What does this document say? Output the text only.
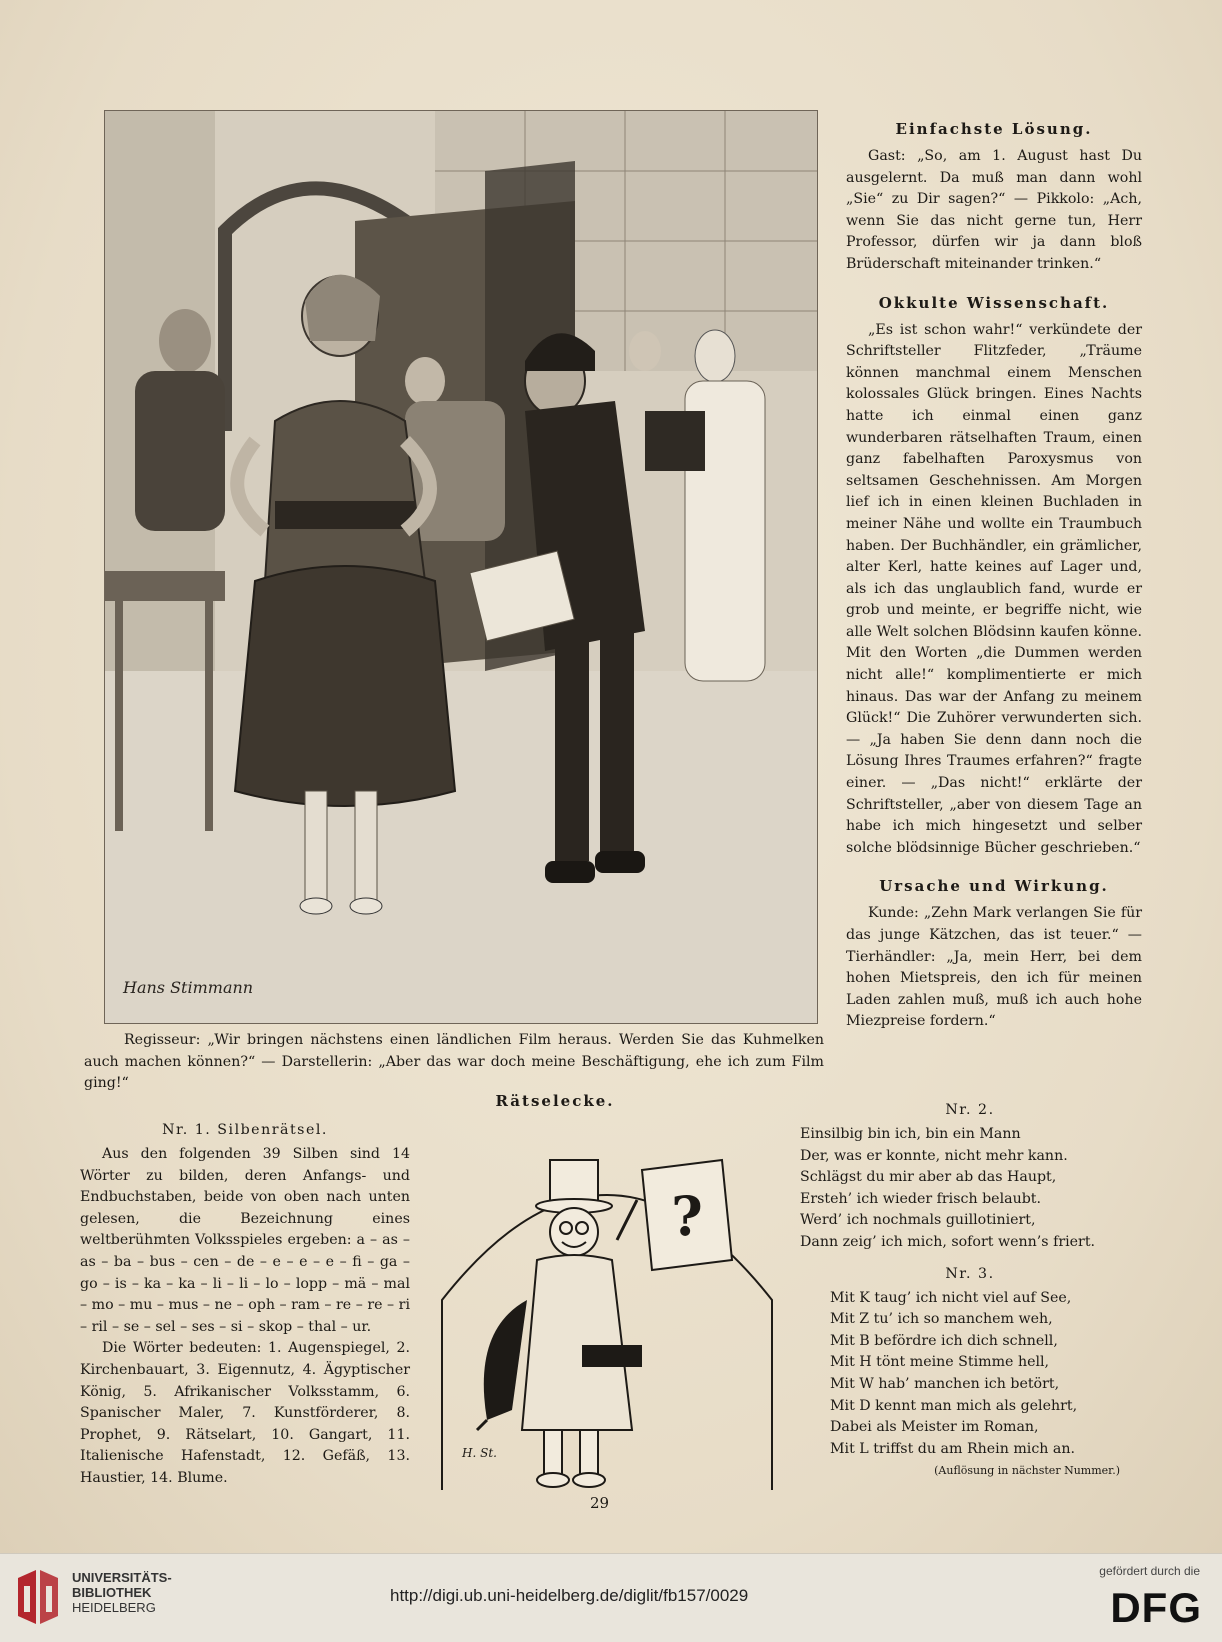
Hans Stimmann
Einfachste Lösung.

Gast: „So, am 1. August hast Du ausgelernt. Da muß man dann wohl „Sie“ zu Dir sagen?“ — Pikkolo: „Ach, wenn Sie das nicht gerne tun, Herr Professor, dürfen wir ja dann bloß Brüderschaft miteinander trinken.“

Okkulte Wissenschaft.

„Es ist schon wahr!“ verkündete der Schriftsteller Flitzfeder, „Träume können manchmal einem Menschen kolossales Glück bringen. Eines Nachts hatte ich einmal einen ganz wunderbaren rätselhaften Traum, einen ganz fabelhaften Paroxysmus von seltsamen Geschehnissen. Am Morgen lief ich in einen kleinen Buchladen in meiner Nähe und wollte ein Traumbuch haben. Der Buchhändler, ein grämlicher, alter Kerl, hatte keines auf Lager und, als ich das unglaublich fand, wurde er grob und meinte, er begriffe nicht, wie alle Welt solchen Blödsinn kaufen könne. Mit den Worten „die Dummen werden nicht alle!“ komplimentierte er mich hinaus. Das war der Anfang zu meinem Glück!“ Die Zuhörer verwunderten sich. — „Ja haben Sie denn dann noch die Lösung Ihres Traumes erfahren?“ fragte einer. — „Das nicht!“ erklärte der Schriftsteller, „aber von diesem Tage an habe ich mich hingesetzt und selber solche blödsinnige Bücher geschrieben.“

Ursache und Wirkung.

Kunde: „Zehn Mark verlangen Sie für das junge Kätzchen, das ist teuer.“ — Tierhändler: „Ja, mein Herr, bei dem hohen Mietspreis, den ich für meinen Laden zahlen muß, muß ich auch hohe Miezpreise fordern.“

Regisseur: „Wir bringen nächstens einen ländlichen Film heraus. Werden Sie das Kuhmelken auch machen können?“ — Darstellerin: „Aber das war doch meine Beschäftigung, ehe ich zum Film ging!“
Rätselecke.
Nr. 1. Silbenrätsel.

Aus den folgenden 39 Silben sind 14 Wörter zu bilden, deren Anfangs- und Endbuchstaben, beide von oben nach unten gelesen, die Bezeichnung eines weltberühmten Volksspieles ergeben: a – as – as – ba – bus – cen – de – e – e – e – fi – ga – go – is – ka – ka – li – li – lo – lopp – mä – mal – mo – mu – mus – ne – oph – ram – re – re – ri – ril – se – sel – ses – si – skop – thal – ur.

Die Wörter bedeuten: 1. Augenspiegel, 2. Kirchenbauart, 3. Eigennutz, 4. Ägyptischer König, 5. Afrikanischer Volksstamm, 6. Spanischer Maler, 7. Kunstförderer, 8. Prophet, 9. Rätselart, 10. Gangart, 11. Italienische Hafenstadt, 12. Gefäß, 13. Haustier, 14. Blume.

?
H. St.
Nr. 2.

Einsilbig bin ich, bin ein Mann

Der, was er konnte, nicht mehr kann.

Schlägst du mir aber ab das Haupt,

Ersteh’ ich wieder frisch belaubt.

Werd’ ich nochmals guillotiniert,

Dann zeig’ ich mich, sofort wenn’s friert.

Nr. 3.

Mit K taug’ ich nicht viel auf See,

Mit Z tu’ ich so manchem weh,

Mit B befördre ich dich schnell,

Mit H tönt meine Stimme hell,

Mit W hab’ manchen ich betört,

Mit D kennt man mich als gelehrt,

Dabei als Meister im Roman,

Mit L triffst du am Rhein mich an.

(Auflösung in nächster Nummer.)
29
UNIVERSITÄTS-
BIBLIOTHEK
HEIDELBERG
http://digi.ub.uni-heidelberg.de/diglit/fb157/0029
gefördert durch die
DFG
